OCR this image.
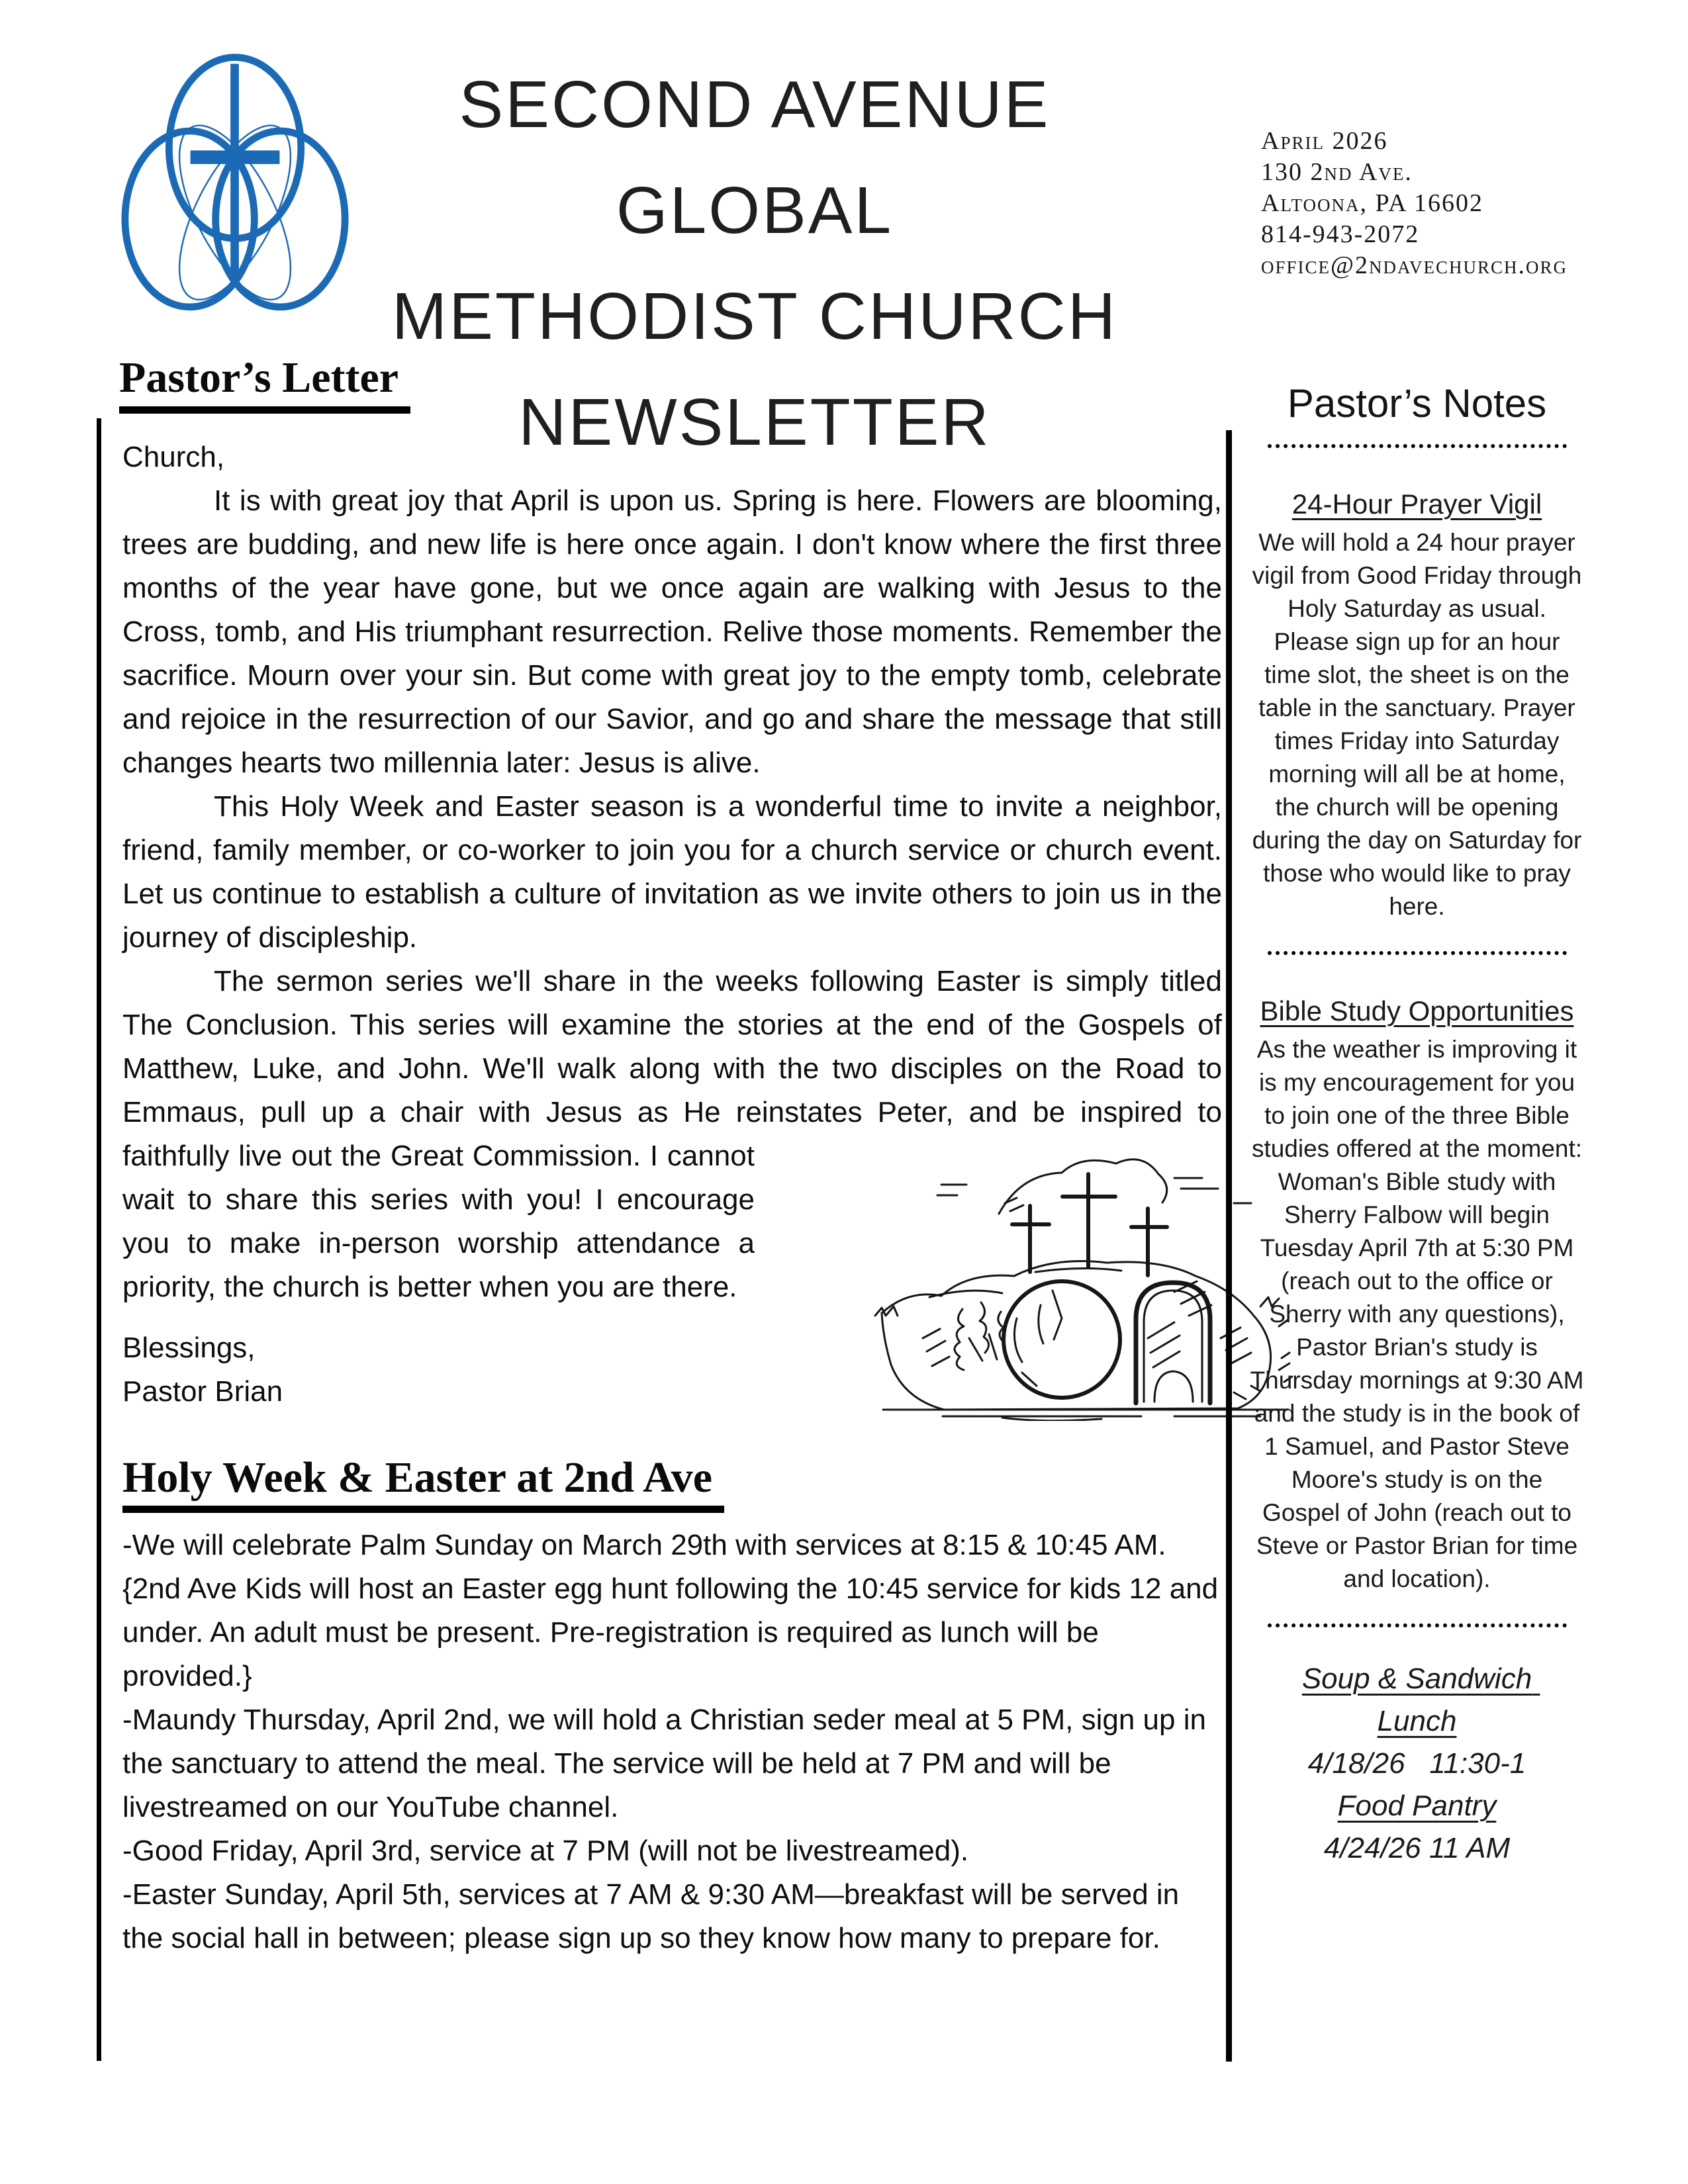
SECOND AVENUE GLOBAL
METHODIST CHURCH
NEWSLETTER
April 2026
130 2nd Ave.
Altoona, PA 16602
814-943-2072
office@2ndavechurch.org
Pastor’s Letter

Church,

It is with great joy that April is upon us. Spring is here. Flowers are blooming, trees are budding, and new life is here once again. I don't know where the first three months of the year have gone, but we once again are walking with Jesus to the Cross, tomb, and His triumphant resurrection. Relive those moments. Remember the sacrifice. Mourn over your sin. But come with great joy to the empty tomb, celebrate and rejoice in the resurrection of our Savior, and go and share the message that still changes hearts two millennia later: Jesus is alive.

This Holy Week and Easter season is a wonderful time to invite a neighbor, friend, family member, or co-worker to join you for a church service or church event. Let us continue to establish a culture of invitation as we invite others to join us in the journey of discipleship.

The sermon series we'll share in the weeks following Easter is simply titled The Conclusion. This series will examine the stories at the end of the Gospels of Matthew, Luke, and John. We'll walk along with the two disciples on the Road to Emmaus, pull up a chair with Jesus as He reinstates Peter, and be inspired to faithfully live out the Great Commission. I cannot wait to share this series with you! I encourage you to make in-person worship attendance a priority, the church is better when you are there.

Blessings,

Pastor Brian

Holy Week & Easter at 2nd Ave

-We will celebrate Palm Sunday on March 29th with services at 8:15 & 10:45 AM. {2nd Ave Kids will host an Easter egg hunt following the 10:45 service for kids 12 and under. An adult must be present. Pre-registration is required as lunch will be provided.}

-Maundy Thursday, April 2nd, we will hold a Christian seder meal at 5 PM, sign up in the sanctuary to attend the meal. The service will be held at 7 PM and will be livestreamed on our YouTube channel.

-Good Friday, April 3rd, service at 7 PM (will not be livestreamed).

-Easter Sunday, April 5th, services at 7 AM & 9:30 AM—breakfast will be served in the social hall in between; please sign up so they know how many to prepare for.

Pastor’s Notes
24-Hour Prayer Vigil

We will hold a 24 hour prayer vigil from Good Friday through Holy Saturday as usual. Please sign up for an hour time slot, the sheet is on the table in the sanctuary. Prayer times Friday into Saturday morning will all be at home, the church will be opening during the day on Saturday for those who would like to pray here.

Bible Study Opportunities

As the weather is improving it is my encouragement for you to join one of the three Bible studies offered at the moment: Woman's Bible study with Sherry Falbow will begin Tuesday April 7th at 5:30 PM (reach out to the office or Sherry with any questions), Pastor Brian's study is Thursday mornings at 9:30 AM and the study is in the book of 1 Samuel, and Pastor Steve Moore's study is on the Gospel of John (reach out to Steve or Pastor Brian for time and location).

Soup & Sandwich Lunch
4/18/26   11:30-1
Food Pantry
4/24/26 11 AM
